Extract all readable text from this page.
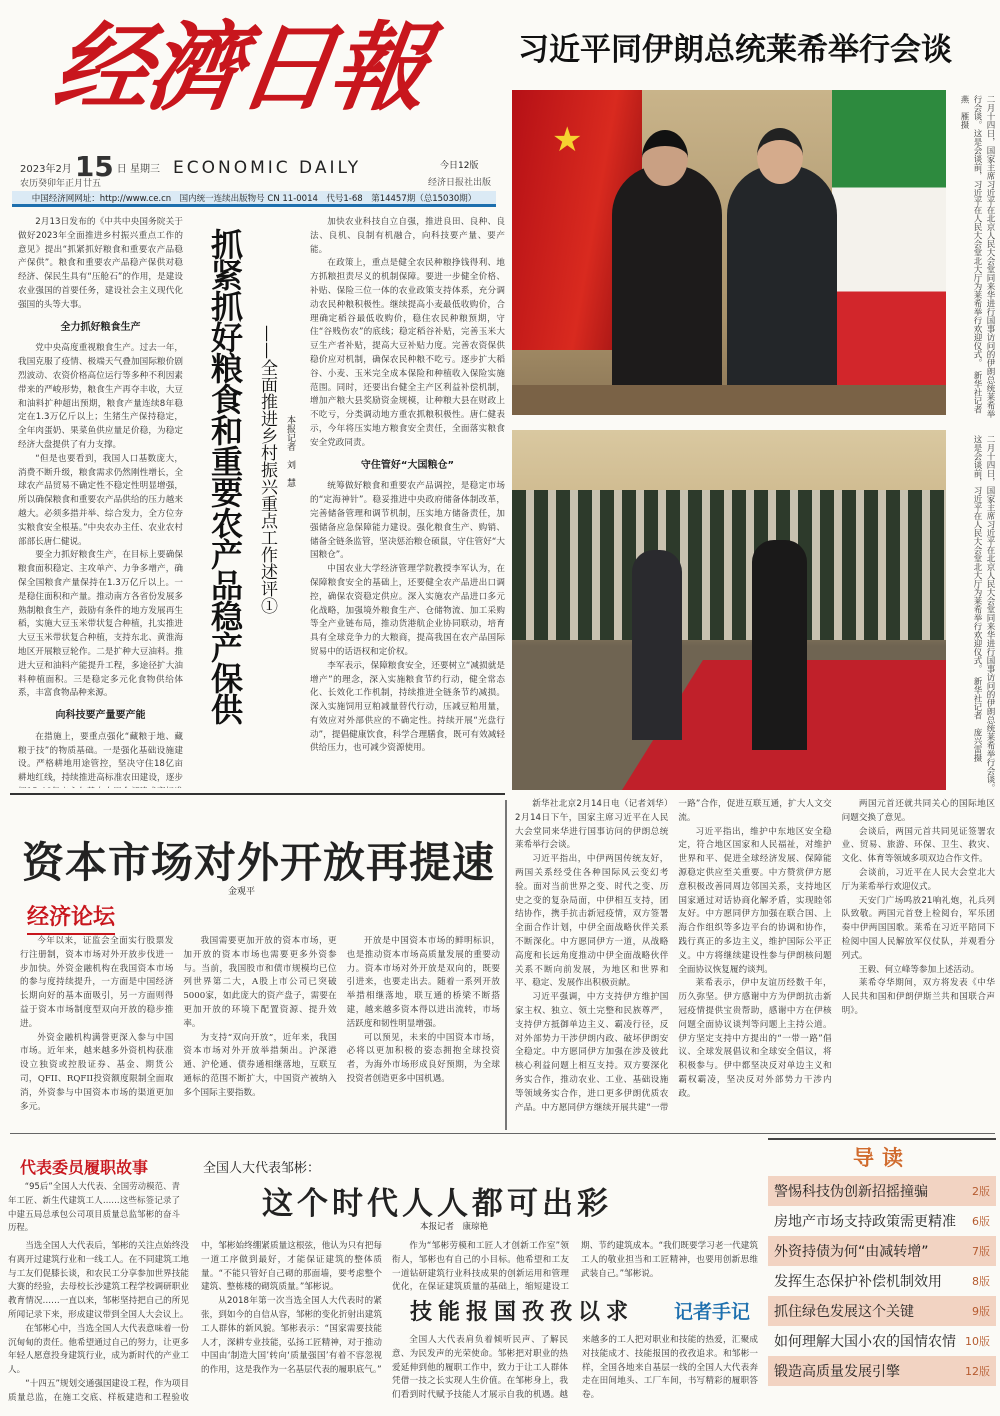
经濟日報	习近平同伊朗总统莱希举行会谈
2023年2月 15 日 星期三
农历癸卯年正月廿五
ECONOMIC DAILY	今日12版
经济日报社出版
中国经济网网址：http://www.ce.cn　国内统一连续出版物号 CN 11-0014　代号1-68　第14457期（总15030期）
★	二月十四日，国家主席习近平在北京人民大会堂同来华进行国事访问的伊朗总统莱希举行会谈。这是会谈前，习近平在人民大会堂北大厅为莱希举行欢迎仪式。　新华社记者　燕　雁摄
二月十四日，国家主席习近平在北京人民大会堂同来华进行国事访问的伊朗总统莱希举行会谈。这是会谈前，习近平在人民大会堂北大厅为莱希举行欢迎仪式。　新华社记者　庞兴雷摄

2月13日发布的《中共中央国务院关于做好2023年全面推进乡村振兴重点工作的意见》提出“抓紧抓好粮食和重要农产品稳产保供”。粮食和重要农产品稳产保供对稳经济、保民生具有“压舱石”的作用，是建设农业强国的首要任务，建设社会主义现代化强国的头等大事。

全力抓好粮食生产

党中央高度重视粮食生产。过去一年，我国克服了疫情、极端天气叠加国际粮价剧烈波动、农资价格高位运行等多种不利因素带来的严峻形势，粮食生产再夺丰收，大豆和油料扩种超出预期，粮食产量连续8年稳定在1.3万亿斤以上；生猪生产保持稳定，全年肉蛋奶、果菜鱼供应量足价稳，为稳定经济大盘提供了有力支撑。

“但是也要看到，我国人口基数庞大，消费不断升级，粮食需求仍然刚性增长，全球农产品贸易不确定性不稳定性明显增强，所以确保粮食和重要农产品供给的压力越来越大。必须多措并举、综合发力，全方位夯实粮食安全根基。”中央农办主任、农业农村部部长唐仁健说。

要全力抓好粮食生产，在目标上要确保粮食面积稳定、主攻单产、力争多增产，确保全国粮食产量保持在1.3万亿斤以上。一是稳住面积和产量。推动南方各省份发展多熟制粮食生产，鼓励有条件的地方发展再生稻，实施大豆玉米带状复合种植，扎实推进大豆玉米带状复合种植，支持东北、黄淮海地区开展粮豆轮作。二是扩种大豆油料。推进大豆和油料产能提升工程，多途径扩大油料种植面积。三是稳定多元化食物供给体系，丰富食物品种来源。

向科技要产量要产能

在措施上，要重点强化“藏粮于地、藏粮于技”的物质基础。一是强化基础设施建设。严格耕地用途管控，坚决守住18亿亩耕地红线，持续推进高标准农田建设，逐步

抓紧抓好粮食和重要农产品稳产保供 ——全面推进乡村振兴重点工作述评① 本报记者　刘　慧

加快农业科技自立自强，推进良田、良种、良法、良机、良制有机融合，向科技要产量、要产能。

在政策上，重点是健全农民种粮挣钱得利、地方抓粮担责尽义的机制保障。要进一步健全价格、补贴、保险三位一体的农业政策支持体系，充分调动农民种粮积极性。继续提高小麦最低收购价，合理确定稻谷最低收购价，稳住农民种粮预期，守住“谷贱伤农”的底线；稳定稻谷补贴，完善玉米大豆生产者补贴，提高大豆补贴力度。完善农资保供稳价应对机制，确保农民种粮不吃亏。逐步扩大稻谷、小麦、玉米完全成本保险和种植收入保险实施范围。同时，还要出台健全主产区利益补偿机制，增加产粮大县奖励资金规模，让种粮大县在财政上不吃亏，分类调动地方重农抓粮积极性。唐仁健表示，今年将压实地方粮食安全责任，全面落实粮食安全党政同责。

守住管好“大国粮仓”

统筹做好粮食和重要农产品调控，是稳定市场的“定海神针”。稳妥推进中央政府储备体制改革，完善储备管理和调节机制，压实地方储备责任，加强储备应急保障能力建设。强化粮食生产、购销、储备全链条监管，坚决惩治粮仓硕鼠，守住管好“大国粮仓”。

中国农业大学经济管理学院教授李军认为，在保障粮食安全的基础上，还要健全农产品进出口调控，确保农资稳定供应。深入实施农产品进口多元化战略，加强境外粮食生产、仓储物流、加工采购等全产业链布局，推动货港航企业协同联动，培育具有全球竞争力的大粮商，提高我国在农产品国际贸易中的话语权和定价权。

李军表示，保障粮食安全，还要树立“减损就是增产”的理念，深入实施粮食节约行动，健全常态化、长效化工作机制，持续推进全链条节约减损。深入实施饲用豆粕减量替代行动，压减豆粕用量，有效应对外部供应的不确定性。持续开展“光盘行动”，提倡健康饮食，科学合理膳食，既可有效减轻供给压力，也可减少资源使用。

新华社北京2月14日电（记者刘华）2月14日下午，国家主席习近平在人民大会堂同来华进行国事访问的伊朗总统莱希举行会谈。

习近平指出，中伊两国传统友好，两国关系经受住各种国际风云变幻考验。面对当前世界之变、时代之变、历史之变的复杂局面，中伊相互支持，团结协作，携手抗击新冠疫情，双方签署全面合作计划，中伊全面战略伙伴关系不断深化。中方愿同伊方一道，从战略高度和长远角度推动中伊全面战略伙伴关系不断向前发展，为地区和世界和平、稳定、发展作出积极贡献。

习近平强调，中方支持伊方维护国家主权、独立、领土完整和民族尊严，支持伊方抵御单边主义、霸凌行径，反对外部势力干涉伊朗内政、破坏伊朗安全稳定。中方愿同伊方加强在涉及彼此核心利益问题上相互支持。双方要深化务实合作，推动农业、工业、基础设施等领域务实合作，进口更多伊朗优质农产品。中方愿同伊方继续开展共建“一带一路”合作，促进互联互通，扩大人文交流。

习近平指出，维护中东地区安全稳定，符合地区国家和人民福祉，对维护世界和平、促进全球经济发展、保障能源稳定供应至关重要。中方赞赏伊方愿意积极改善同周边邻国关系，支持地区国家通过对话协商化解矛盾，实现睦邻友好。中方愿同伊方加强在联合国、上海合作组织等多边平台的协调和协作，践行真正的多边主义，维护国际公平正义。中方将继续建设性参与伊朗核问题全面协议恢复履约谈判。

莱希表示，伊中友谊历经数千年，历久弥坚。伊方感谢中方为伊朗抗击新冠疫情提供宝贵帮助，感谢中方在伊核问题全面协议谈判等问题上主持公道。伊方坚定支持中方提出的“一带一路”倡议、全球发展倡议和全球安全倡议，将积极参与。伊中都坚决反对单边主义和霸权霸凌，坚决反对外部势力干涉内政。

两国元首还就共同关心的国际地区问题交换了意见。

会谈后，两国元首共同见证签署农业、贸易、旅游、环保、卫生、救灾、文化、体育等领域多项双边合作文件。

会谈前，习近平在人民大会堂北大厅为莱希举行欢迎仪式。

天安门广场鸣放21响礼炮，礼兵列队致敬。两国元首登上检阅台，军乐团奏中伊两国国歌。莱希在习近平陪同下检阅中国人民解放军仪仗队，并观看分列式。

王毅、何立峰等参加上述活动。

莱希夺华期间，双方将发表《中华人民共和国和伊朗伊斯兰共和国联合声明》。

资本市场对外开放再提速
金观平
经济论坛

今年以来，证监会全面实行股票发行注册制，资本市场对外开放步伐进一步加快。外资金融机构在我国资本市场的参与度持续提升，一方面是中国经济长期向好的基本面吸引，另一方面则得益于资本市场制度型双向开放的稳步推进。

外资金融机构满誉更深入参与中国市场。近年来，越来越多外资机构获准设立独资或控股证券、基金、期货公司，QFII、RQFII投资额度限制全面取消，外资参与中国资本市场的渠道更加多元。

我国需要更加开放的资本市场，更加开放的资本市场也需要更多外资参与。当前，我国股市和债市规模均已位列世界第二大，A股上市公司已突破5000家，如此庞大的资产盘子，需要在更加开放的环境下配置资源、提升效率。

为支持“双向开放”，近年来，我国资本市场对外开放举措频出。沪深港通、沪伦通、债券通相继落地，互联互通标的范围不断扩大，中国资产被纳入多个国际主要指数。

开放是中国资本市场的鲜明标识，也是推动资本市场高质量发展的重要动力。资本市场对外开放是双向的，既要引进来，也要走出去。随着一系列开放举措相继落地，联互通的桥梁不断搭建，越来越多资本得以进出流转，市场活跃度和韧性明显增强。

可以预见，未来的中国资本市场，必将以更加积极的姿态拥抱全球投资者，为海外市场形成良好预期，为全球投资者创造更多中国机遇。

代表委员履职故事
“95后”全国人大代表、全国劳动模范、青年工匠、新生代建筑工人……这些标签记录了中建五局总承包公司项目质量总监邹彬的奋斗历程。
全国人大代表邹彬：
这个时代人人都可出彩
本报记者　康琼艳

当选全国人大代表后，邹彬的关注点始终没有离开过建筑行业和一线工人。在不同建筑工地与工友们促膝长谈，和农民工分享参加世界技能大赛的经验，去母校长沙建筑工程学校调研职业教育情况……一直以来，邹彬坚持把自己的所见所闻记录下来，形成建议带到全国人大会议上。

在邹彬心中，当选全国人大代表意味着一份沉甸甸的责任。他希望通过自己的努力，让更多年轻人愿意投身建筑行业，成为新时代的产业工人。

“十四五”规划交通强国建设工程，作为项目质量总监，在施工交底、样板建造和工程验收中，邹彬始终绷紧质量这根弦，他认为只有把每一道工序做到最好，才能保证建筑的整体质量。“不能只管好自己砌的那面墙，要考虑整个建筑、整栋楼的砌筑质量。”邹彬说。

从2018年第一次当选全国人大代表时的紧张，到如今的自信从容，邹彬的变化折射出建筑工人群体的新风貌。邹彬表示：“国家需要技能人才，深耕专业技能，弘扬工匠精神，对于推动中国由‘制造大国’转向‘质量强国’有着不容忽视的作用，这是我作为一名基层代表的履职底气。”

作为“邹彬劳模和工匠人才创新工作室”领衔人，邹彬也有自己的小目标。他希望和工友一道钻研建筑行业科技成果的创新运用和管理优化，在保证建筑质量的基础上，缩短建设工期、节约建筑成本。“我们既要学习老一代建筑工人的敬业担当和工匠精神，也要用创新思维武装自己。”邹彬说。

技能报国孜孜以求 记者手记
全国人大代表肩负着倾听民声、了解民意、为民发声的光荣使命。邹彬把对职业的热爱延伸到他的履职工作中，致力于让工人群体凭借一技之长实现人生价值。在邹彬身上，我们看到时代赋予技能人才展示自我的机遇。越来越多的工人把对职业和技能的热爱，汇聚成对技能成才、技能报国的孜孜追求。和邹彬一样，全国各地来自基层一线的全国人大代表奔走在田间地头、工厂车间，书写精彩的履职答卷。
导读
警惕科技伪创新招摇撞骗	2版
房地产市场支持政策需更精准 6版
外资持债为何“由减转增”	7版
发挥生态保护补偿机制效用	8版
抓住绿色发展这个关键	9版
如何理解大国小农的国情农情 10版
锻造高质量发展引擎	12版
